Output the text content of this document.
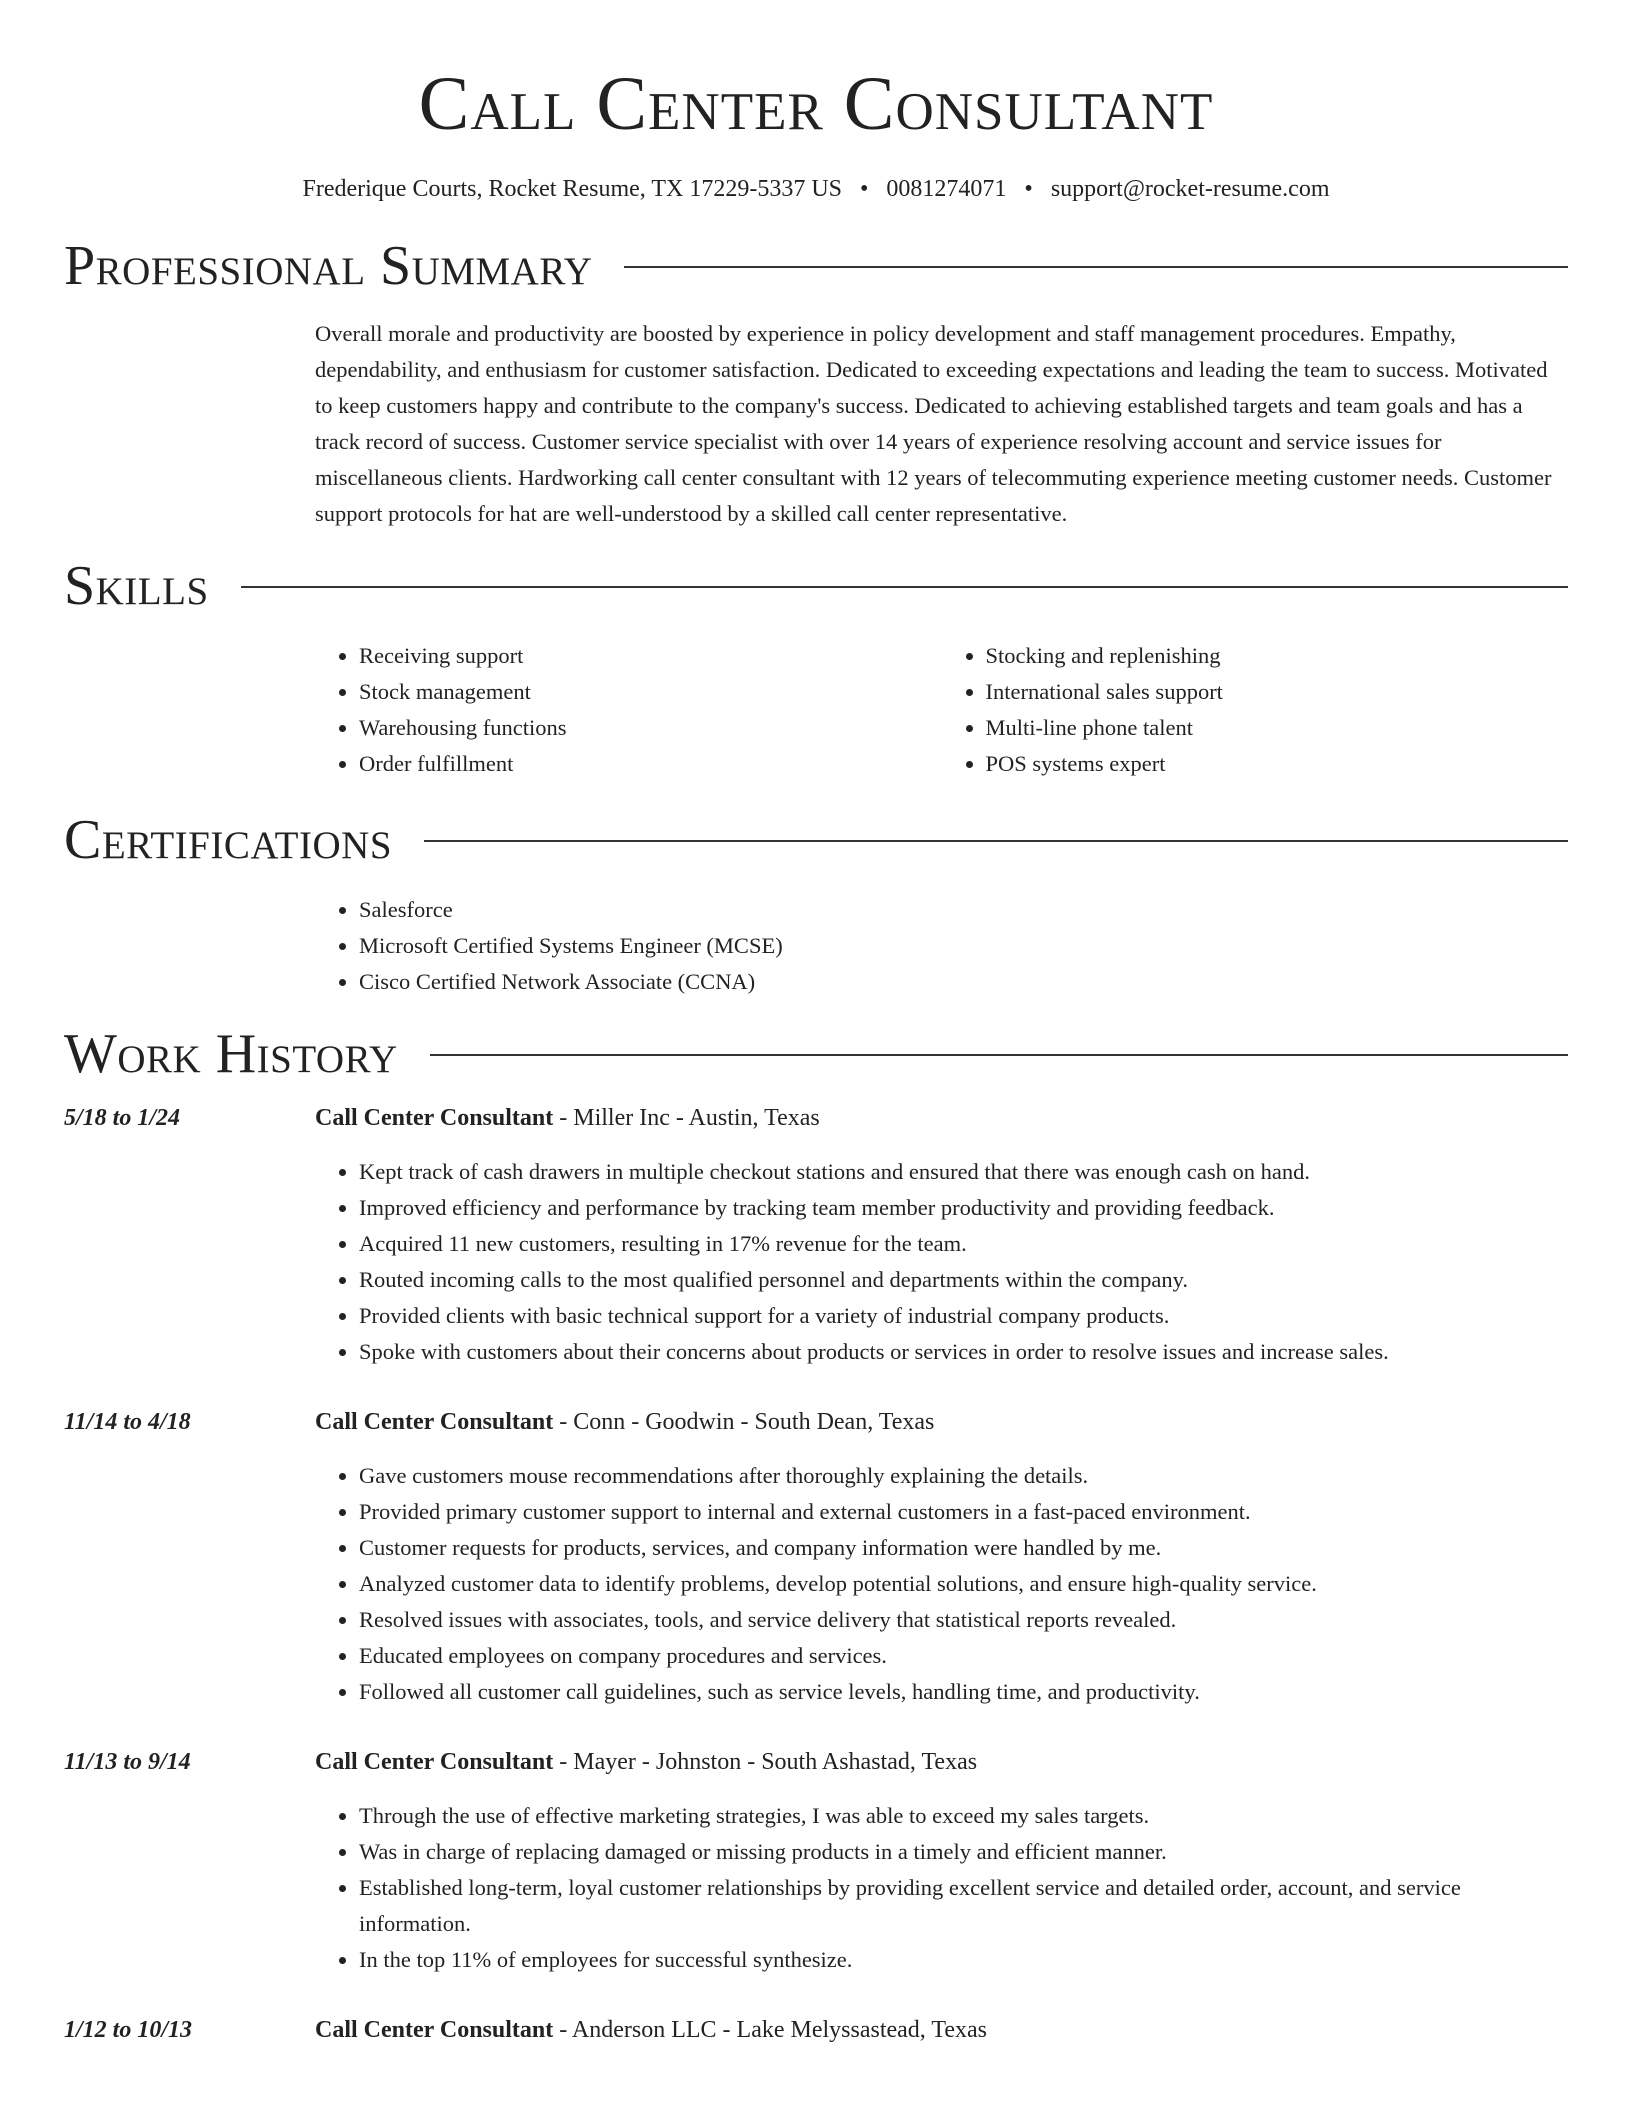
Call Center Consultant
Frederique Courts, Rocket Resume, TX 17229-5337 US • 0081274071 • support@rocket-resume.com
Professional Summary
Overall morale and productivity are boosted by experience in policy development and staff management procedures. Empathy, dependability, and enthusiasm for customer satisfaction. Dedicated to exceeding expectations and leading the team to success. Motivated to keep customers happy and contribute to the company's success. Dedicated to achieving established targets and team goals and has a track record of success. Customer service specialist with over 14 years of experience resolving account and service issues for miscellaneous clients. Hardworking call center consultant with 12 years of telecommuting experience meeting customer needs. Customer support protocols for hat are well-understood by a skilled call center representative.
Skills
• Receiving support
• Stock management
• Warehousing functions
• Order fulfillment
• Stocking and replenishing
• International sales support
• Multi-line phone talent
• POS systems expert
Certifications
• Salesforce
• Microsoft Certified Systems Engineer (MCSE)
• Cisco Certified Network Associate (CCNA)
Work History
5/18 to 1/24	Call Center Consultant - Miller Inc - Austin, Texas
• Kept track of cash drawers in multiple checkout stations and ensured that there was enough cash on hand.
• Improved efficiency and performance by tracking team member productivity and providing feedback.
• Acquired 11 new customers, resulting in 17% revenue for the team.
• Routed incoming calls to the most qualified personnel and departments within the company.
• Provided clients with basic technical support for a variety of industrial company products.
• Spoke with customers about their concerns about products or services in order to resolve issues and increase sales.
11/14 to 4/18	Call Center Consultant - Conn - Goodwin - South Dean, Texas
• Gave customers mouse recommendations after thoroughly explaining the details.
• Provided primary customer support to internal and external customers in a fast-paced environment.
• Customer requests for products, services, and company information were handled by me.
• Analyzed customer data to identify problems, develop potential solutions, and ensure high-quality service.
• Resolved issues with associates, tools, and service delivery that statistical reports revealed.
• Educated employees on company procedures and services.
• Followed all customer call guidelines, such as service levels, handling time, and productivity.
11/13 to 9/14	Call Center Consultant - Mayer - Johnston - South Ashastad, Texas
• Through the use of effective marketing strategies, I was able to exceed my sales targets.
• Was in charge of replacing damaged or missing products in a timely and efficient manner.
• Established long-term, loyal customer relationships by providing excellent service and detailed order, account, and service information.
• In the top 11% of employees for successful synthesize.
1/12 to 10/13	Call Center Consultant - Anderson LLC - Lake Melyssastead, Texas
